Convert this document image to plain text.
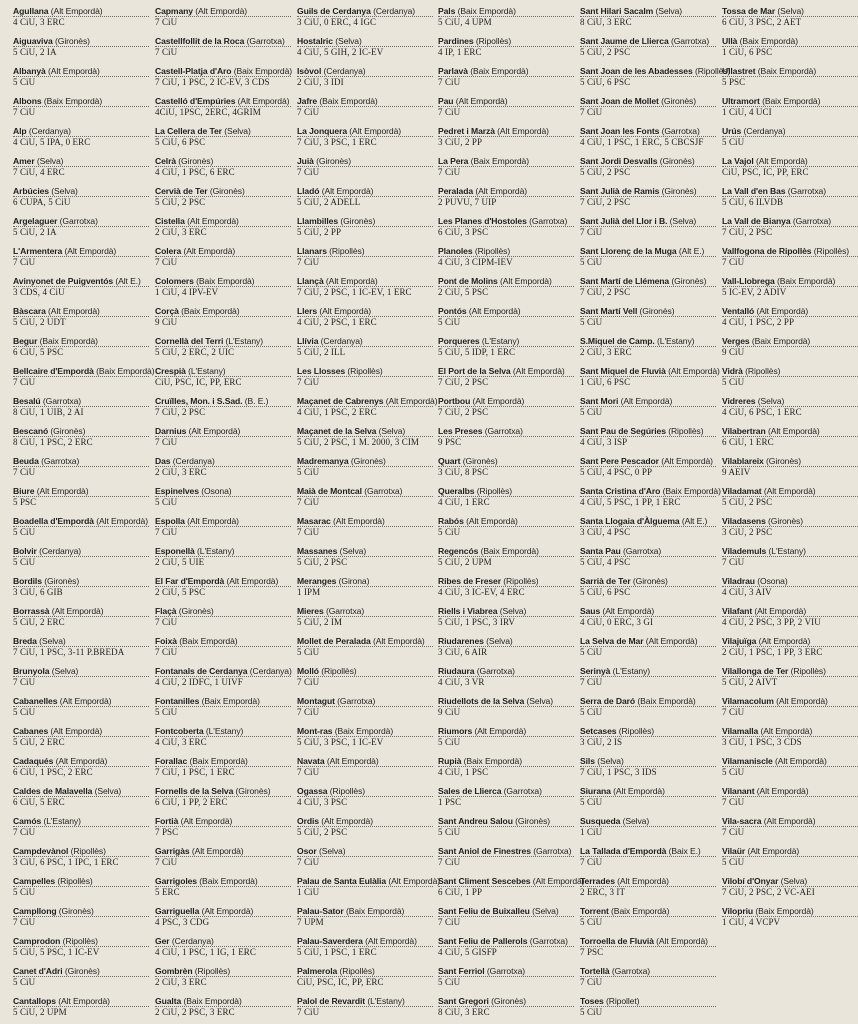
Agullana (Alt Empordà)
4 CiU, 3 ERC
Aiguaviva (Gironès)
5 CiU, 2 IA
Albanyà (Alt Empordà)
5 CiU
Albons (Baix Empordà)
7 CiU
Alp (Cerdanya)
4 CiU, 5 IPA, 0 ERC
Amer (Selva)
7 CiU, 4 ERC
Arbúcies (Selva)
6 CUPA, 5 CiU
Argelaguer (Garrotxa)
5 CiU, 2 IA
L'Armentera (Alt Empordà)
7 CiU
Avinyonet de Puigventós (Alt E.)
3 CDS, 4 CiU
Bàscara (Alt Empordà)
5 CiU, 2 UDT
Begur (Baix Empordà)
6 CiU, 5 PSC
Bellcaire d'Empordà (Baix Empordà)
7 CiU
Besalú (Garrotxa)
8 CiU, 1 UIB, 2 AI
Bescanó (Gironès)
8 CiU, 1 PSC, 2 ERC
Beuda (Garrotxa)
7 CiU
Biure (Alt Empordà)
5 PSC
Boadella d'Empordà (Alt Empordà)
5 CiU
Bolvir (Cerdanya)
5 CiU
Bordils (Gironès)
3 CiU, 6 GIB
Borrassà (Alt Empordà)
5 CiU, 2 ERC
Breda (Selva)
7 CiU, 1 PSC, 3-11 P.BREDA
Brunyola (Selva)
7 CiU
Cabanelles (Alt Empordà)
5 CiU
Cabanes (Alt Empordà)
5 CiU, 2 ERC
Cadaqués (Alt Empordà)
6 CiU, 1 PSC, 2 ERC
Caldes de Malavella (Selva)
6 CiU, 5 ERC
Camós (L'Estany)
7 CiU
Campdevànol (Ripollès)
3 CiU, 6 PSC, 1 IPC, 1 ERC
Campelles (Ripollès)
5 CiU
Campllong (Gironès)
7 CiU
Camprodon (Ripollès)
5 CiU, 5 PSC, 1 IC-EV
Canet d'Adri (Gironès)
5 CiU
Cantallops (Alt Empordà)
5 CiU, 2 UPM
Capmany (Alt Empordà)
7 CiU
Castellfollit de la Roca (Garrotxa)
7 CiU
Castell-Platja d'Aro (Baix Empordà)
7 CiU, 1 PSC, 2 IC-EV, 3 CDS
Castelló d'Empúries (Alt Empordà)
4CiU, 1PSC, 2ERC, 4GRIM
La Cellera de Ter (Selva)
5 CiU, 6 PSC
Celrà (Gironès)
4 CiU, 1 PSC, 6 ERC
Cervià de Ter (Gironès)
5 CiU, 2 PSC
Cistella (Alt Empordà)
2 CiU, 3 ERC
Colera (Alt Empordà)
7 CiU
Colomers (Baix Empordà)
1 CiU, 4 IPV-EV
Corçà (Baix Empordà)
9 CiU
Cornellà del Terri (L'Estany)
5 CiU, 2 ERC, 2 UIC
Crespià (L'Estany)
CiU, PSC, IC, PP, ERC
Cruïlles, Mon. i S.Sad. (B. E.)
7 CiU, 2 PSC
Darnius (Alt Empordà)
7 CiU
Das (Cerdanya)
2 CiU, 3 ERC
Espinelves (Osona)
5 CiU
Espolla (Alt Empordà)
7 CiU
Esponellà (L'Estany)
2 CiU, 5 UIE
El Far d'Empordà (Alt Empordà)
2 CiU, 5 PSC
Flaçà (Gironès)
7 CiU
Foixà (Baix Empordà)
7 CiU
Fontanals de Cerdanya (Cerdanya)
4 CiU, 2 IDFC, 1 UIVF
Fontanilles (Baix Empordà)
5 CiU
Fontcoberta (L'Estany)
4 CiU, 3 ERC
Forallac (Baix Empordà)
7 CiU, 1 PSC, 1 ERC
Fornells de la Selva (Gironès)
6 CiU, 1 PP, 2 ERC
Fortià (Alt Empordà)
7 PSC
Garrigàs (Alt Empordà)
7 CiU
Garrigoles (Baix Empordà)
5 ERC
Garriguella (Alt Empordà)
4 PSC, 3 CDG
Ger (Cerdanya)
4 CiU, 1 PSC, 1 IG, 1 ERC
Gombrèn (Ripollès)
2 CiU, 3 ERC
Gualta (Baix Empordà)
2 CiU, 2 PSC, 3 ERC
Guils de Cerdanya (Cerdanya)
3 CiU, 0 ERC, 4 IGC
Hostalric (Selva)
4 CiU, 5 GIH, 2 IC-EV
Isòvol (Cerdanya)
2 CiU, 3 IDI
Jafre (Baix Empordà)
7 CiU
La Jonquera (Alt Empordà)
7 CiU, 3 PSC, 1 ERC
Juià (Gironès)
7 CiU
Lladó (Alt Empordà)
5 CiU, 2 ADELL
Llambilles (Gironès)
5 CiU, 2 PP
Llanars (Ripollès)
7 CiU
Llançà (Alt Empordà)
7 CiU, 2 PSC, 1 IC-EV, 1 ERC
Llers (Alt Empordà)
4 CiU, 2 PSC, 1 ERC
Llívia (Cerdanya)
5 CiU, 2 ILL
Les Llosses (Ripollès)
7 CiU
Maçanet de Cabrenys (Alt Empordà)
4 CiU, 1 PSC, 2 ERC
Maçanet de la Selva (Selva)
5 CiU, 2 PSC, 1 M. 2000, 3 CIM
Madremanya (Gironès)
5 CiU
Maià de Montcal (Garrotxa)
7 CiU
Masarac (Alt Empordà)
7 CiU
Massanes (Selva)
5 CiU, 2 PSC
Meranges (Girona)
1 IPM
Mieres (Garrotxa)
5 CiU, 2 IM
Mollet de Peralada (Alt Empordà)
5 CiU
Molló (Ripollès)
7 CiU
Montagut (Garrotxa)
7 CiU
Mont-ras (Baix Empordà)
5 CiU, 3 PSC, 1 IC-EV
Navata (Alt Empordà)
7 CiU
Ogassa (Ripollès)
4 CiU, 3 PSC
Ordis (Alt Empordà)
5 CiU, 2 PSC
Osor (Selva)
7 CiU
Palau de Santa Eulàlia (Alt Empordà)
1 CiU
Palau-Sator (Baix Empordà)
7 UPM
Palau-Saverdera (Alt Empordà)
5 CiU, 1 PSC, 1 ERC
Palmerola (Ripollès)
CiU, PSC, IC, PP, ERC
Palol de Revardit (L'Estany)
7 CiU
Pals (Baix Empordà)
5 CiU, 4 UPM
Pardines (Ripollès)
4 IP, 1 ERC
Parlavà (Baix Empordà)
7 CiU
Pau (Alt Empordà)
7 CiU
Pedret i Marzà (Alt Empordà)
3 CiU, 2 PP
La Pera (Baix Empordà)
7 CiU
Peralada (Alt Empordà)
2 PUVU, 7 UIP
Les Planes d'Hostoles (Garrotxa)
6 CiU, 3 PSC
Planoles (Ripollès)
4 CiU, 3 CIPM-IEV
Pont de Molins (Alt Empordà)
2 CiU, 5 PSC
Pontós (Alt Empordà)
5 CiU
Porqueres (L'Estany)
5 CiU, 5 IDP, 1 ERC
El Port de la Selva (Alt Empordà)
7 CiU, 2 PSC
Portbou (Alt Empordà)
7 CiU, 2 PSC
Les Preses (Garrotxa)
9 PSC
Quart (Gironès)
3 CiU, 8 PSC
Queralbs (Ripollès)
4 CiU, 1 ERC
Rabós (Alt Empordà)
5 CiU
Regencós (Baix Empordà)
5 CiU, 2 UPM
Ribes de Freser (Ripollès)
4 CiU, 3 IC-EV, 4 ERC
Riells i Viabrea (Selva)
5 CiU, 1 PSC, 3 IRV
Riudarenes (Selva)
3 CiU, 6 AIR
Riudaura (Garrotxa)
4 CiU, 3 VR
Riudellots de la Selva (Selva)
9 CiU
Riumors (Alt Empordà)
5 CiU
Rupià (Baix Empordà)
4 CiU, 1 PSC
Sales de Llierca (Garrotxa)
1 PSC
Sant Andreu Salou (Gironès)
5 CiU
Sant Aniol de Finestres (Garrotxa)
7 CiU
Sant Climent Sescebes (Alt Empordà)
6 CiU, 1 PP
Sant Feliu de Buixalleu (Selva)
7 CiU
Sant Feliu de Pallerols (Garrotxa)
4 CiU, 5 GISFP
Sant Ferriol (Garrotxa)
5 CiU
Sant Gregori (Gironès)
8 CiU, 3 ERC
Sant Hilari Sacalm (Selva)
8 CiU, 3 ERC
Sant Jaume de Llierca (Garrotxa)
5 CiU, 2 PSC
Sant Joan de les Abadesses (Ripollès)
5 CiU, 6 PSC
Sant Joan de Mollet (Gironès)
7 CiU
Sant Joan les Fonts (Garrotxa)
4 CiU, 1 PSC, 1 ERC, 5 CBCSJF
Sant Jordi Desvalls (Gironès)
5 CiU, 2 PSC
Sant Julià de Ramis (Gironès)
7 CiU, 2 PSC
Sant Julià del Llor i B. (Selva)
7 CiU
Sant Llorenç de la Muga (Alt E.)
5 CiU
Sant Martí de Llémena (Gironès)
7 CiU, 2 PSC
Sant Martí Vell (Gironès)
5 CiU
S.Miquel de Camp. (L'Estany)
2 CiU, 3 ERC
Sant Miquel de Fluvià (Alt Empordà)
1 CiU, 6 PSC
Sant Mori (Alt Empordà)
5 CiU
Sant Pau de Segúries (Ripollès)
4 CiU, 3 ISP
Sant Pere Pescador (Alt Empordà)
5 CiU, 4 PSC, 0 PP
Santa Cristina d'Aro (Baix Empordà)
4 CiU, 5 PSC, 1 PP, 1 ERC
Santa Llogaia d'Àlguema (Alt E.)
3 CiU, 4 PSC
Santa Pau (Garrotxa)
5 CiU, 4 PSC
Sarrià de Ter (Gironès)
5 CiU, 6 PSC
Saus (Alt Empordà)
4 CiU, 0 ERC, 3 GI
La Selva de Mar (Alt Empordà)
5 CiU
Serinyà (L'Estany)
7 CiU
Serra de Daró (Baix Empordà)
5 CiU
Setcases (Ripollès)
3 CiU, 2 IS
Sils (Selva)
7 CiU, 1 PSC, 3 IDS
Siurana (Alt Empordà)
5 CiU
Susqueda (Selva)
1 CiU
La Tallada d'Empordà (Baix E.)
7 CiU
Terrades (Alt Empordà)
2 ERC, 3 IT
Torrent (Baix Empordà)
5 CiU
Torroella de Fluvià (Alt Empordà)
7 PSC
Tortellà (Garrotxa)
7 CiU
Toses (Ripollet)
5 CiU
Tossa de Mar (Selva)
6 CiU, 3 PSC, 2 AET
Ullà (Baix Empordà)
1 CiU, 6 PSC
Ullastret (Baix Empordà)
5 PSC
Ultramort (Baix Empordà)
1 CiU, 4 UCI
Urús (Cerdanya)
5 CiU
La Vajol (Alt Empordà)
CiU, PSC, IC, PP, ERC
La Vall d'en Bas (Garrotxa)
5 CiU, 6 ILVDB
La Vall de Bianya (Garrotxa)
7 CiU, 2 PSC
Vallfogona de Ripollès (Ripollès)
7 CiU
Vall-Llobrega (Baix Empordà)
5 IC-EV, 2 ADIV
Ventalló (Alt Empordà)
4 CiU, 1 PSC, 2 PP
Verges (Baix Empordà)
9 CiU
Vidrà (Ripollès)
5 CiU
Vidreres (Selva)
4 CiU, 6 PSC, 1 ERC
Vilabertran (Alt Empordà)
6 CiU, 1 ERC
Vilablareix (Gironès)
9 AEIV
Viladamat (Alt Empordà)
5 CiU, 2 PSC
Viladasens (Gironès)
3 CiU, 2 PSC
Vilademuls (L'Estany)
7 CiU
Viladrau (Osona)
4 CiU, 3 AIV
Vilafant (Alt Empordà)
4 CiU, 2 PSC, 3 PP, 2 VIU
Vilajuïga (Alt Empordà)
2 CiU, 1 PSC, 1 PP, 3 ERC
Vilallonga de Ter (Ripollès)
5 CiU, 2 AIVT
Vilamacolum (Alt Empordà)
7 CiU
Vilamalla (Alt Empordà)
3 CiU, 1 PSC, 3 CDS
Vilamaniscle (Alt Empordà)
5 CiU
Vilanant (Alt Empordà)
7 CiU
Vila-sacra (Alt Empordà)
7 CiU
Vilaür (Alt Empordà)
5 CiU
Vilobí d'Onyar (Selva)
7 CiU, 2 PSC, 2 VC-AEI
Vilopriu (Baix Empordà)
1 CiU, 4 VCPV
